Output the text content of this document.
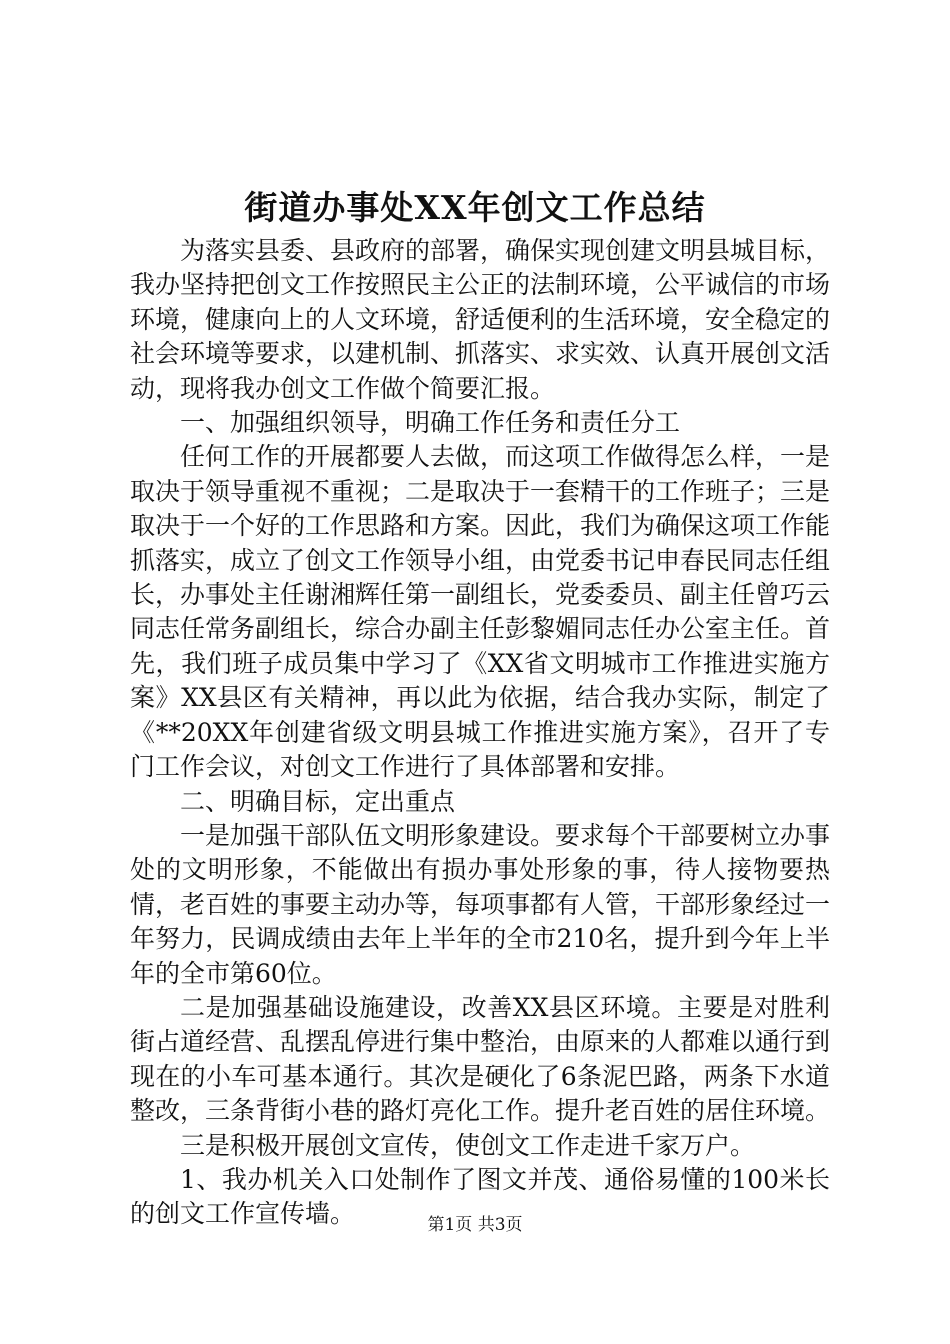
街道办事处XX年创文工作总结

为落实县委、县政府的部署，确保实现创建文明县城目标，我办坚持把创文工作按照民主公正的法制环境，公平诚信的市场环境，健康向上的人文环境，舒适便利的生活环境，安全稳定的社会环境等要求，以建机制、抓落实、求实效、认真开展创文活动，现将我办创文工作做个简要汇报。

一、加强组织领导，明确工作任务和责任分工

任何工作的开展都要人去做，而这项工作做得怎么样，一是取决于领导重视不重视；二是取决于一套精干的工作班子；三是取决于一个好的工作思路和方案。因此，我们为确保这项工作能抓落实，成立了创文工作领导小组，由党委书记申春民同志任组长，办事处主任谢湘辉任第一副组长，党委委员、副主任曾巧云同志任常务副组长，综合办副主任彭黎媚同志任办公室主任。首先，我们班子成员集中学习了《XX省文明城市工作推进实施方案》XX县区有关精神，再以此为依据，结合我办实际，制定了《**20XX年创建省级文明县城工作推进实施方案》，召开了专门工作会议，对创文工作进行了具体部署和安排。

二、明确目标，定出重点

一是加强干部队伍文明形象建设。要求每个干部要树立办事处的文明形象，不能做出有损办事处形象的事，待人接物要热情，老百姓的事要主动办等，每项事都有人管，干部形象经过一年努力，民调成绩由去年上半年的全市210名，提升到今年上半年的全市第60位。

二是加强基础设施建设，改善XX县区环境。主要是对胜利街占道经营、乱摆乱停进行集中整治，由原来的人都难以通行到现在的小车可基本通行。其次是硬化了6条泥巴路，两条下水道整改，三条背街小巷的路灯亮化工作。提升老百姓的居住环境。

三是积极开展创文宣传，使创文工作走进千家万户。

1、我办机关入口处制作了图文并茂、通俗易懂的100米长的创文工作宣传墙。	第1页 共3页
